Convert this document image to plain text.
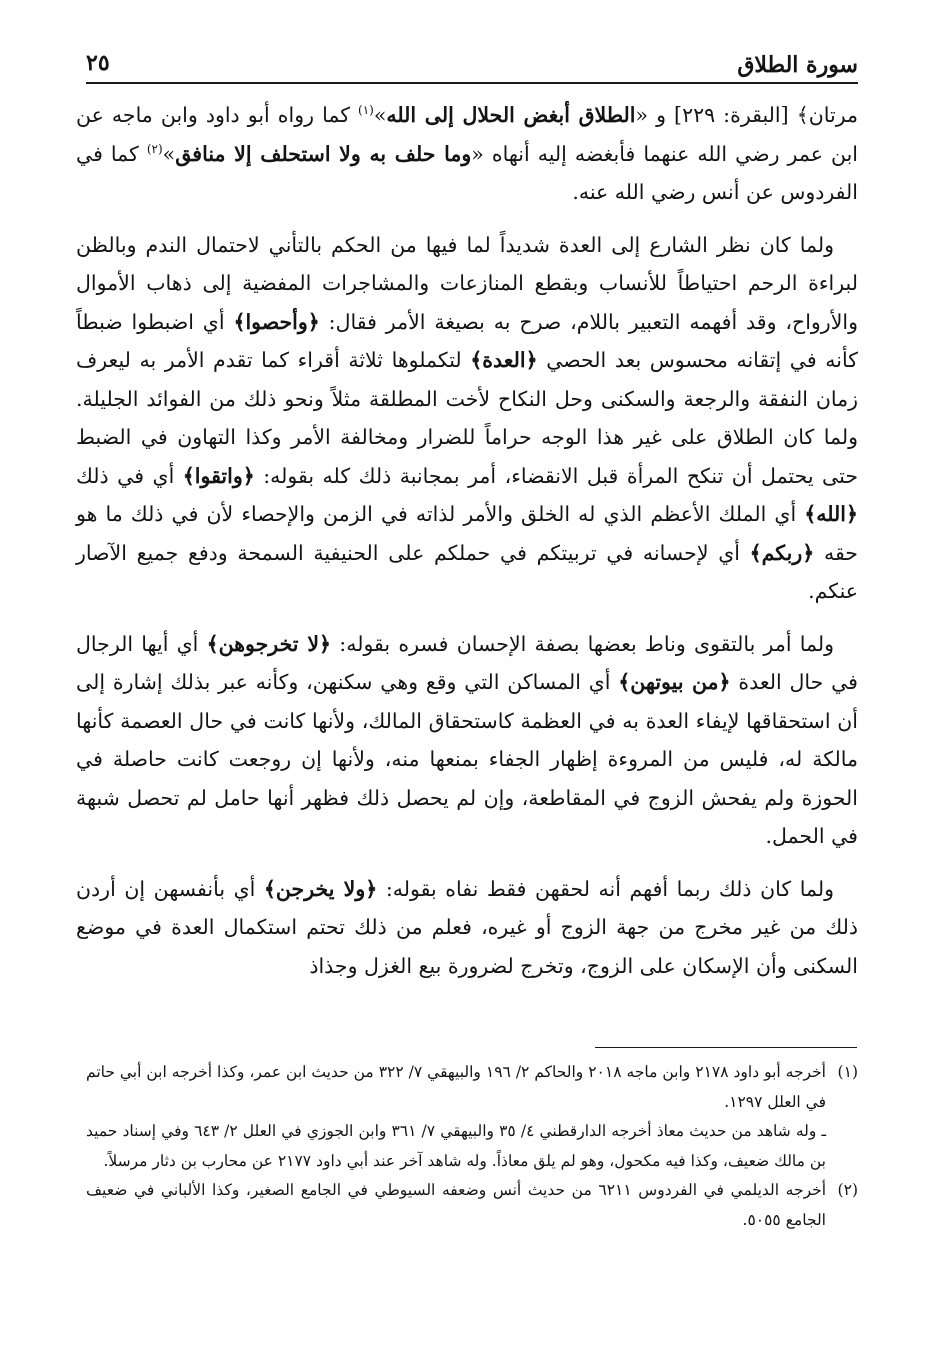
سورة الطلاق
٢٥

مرتان﴾ [البقرة: ٢٢٩] و «الطلاق أبغض الحلال إلى الله»$^{(١)}$ كما رواه أبو داود وابن ماجه عن ابن عمر رضي الله عنهما فأبغضه إليه أنهاه «وما حلف به ولا استحلف إلا منافق»$^{(٢)}$ كما في الفردوس عن أنس رضي الله عنه.

ولما كان نظر الشارع إلى العدة شديداً لما فيها من الحكم بالتأني لاحتمال الندم وبالظن لبراءة الرحم احتياطاً للأنساب وبقطع المنازعات والمشاجرات المفضية إلى ذهاب الأموال والأرواح، وقد أفهمه التعبير باللام، صرح به بصيغة الأمر فقال: ﴿وأحصوا﴾ أي اضبطوا ضبطاً كأنه في إتقانه محسوس بعد الحصي ﴿العدة﴾ لتكملوها ثلاثة أقراء كما تقدم الأمر به ليعرف زمان النفقة والرجعة والسكنى وحل النكاح لأخت المطلقة مثلاً ونحو ذلك من الفوائد الجليلة. ولما كان الطلاق على غير هذا الوجه حراماً للضرار ومخالفة الأمر وكذا التهاون في الضبط حتى يحتمل أن تنكح المرأة قبل الانقضاء، أمر بمجانبة ذلك كله بقوله: ﴿واتقوا﴾ أي في ذلك ﴿الله﴾ أي الملك الأعظم الذي له الخلق والأمر لذاته في الزمن والإحصاء لأن في ذلك ما هو حقه ﴿ربكم﴾ أي لإحسانه في تربيتكم في حملكم على الحنيفية السمحة ودفع جميع الآصار عنكم.

ولما أمر بالتقوى وناط بعضها بصفة الإحسان فسره بقوله: ﴿لا تخرجوهن﴾ أي أيها الرجال في حال العدة ﴿من بيوتهن﴾ أي المساكن التي وقع وهي سكنهن، وكأنه عبر بذلك إشارة إلى أن استحقاقها لإيفاء العدة به في العظمة كاستحقاق المالك، ولأنها كانت في حال العصمة كأنها مالكة له، فليس من المروءة إظهار الجفاء بمنعها منه، ولأنها إن روجعت كانت حاصلة في الحوزة ولم يفحش الزوج في المقاطعة، وإن لم يحصل ذلك فظهر أنها حامل لم تحصل شبهة في الحمل.

ولما كان ذلك ربما أفهم أنه لحقهن فقط نفاه بقوله: ﴿ولا يخرجن﴾ أي بأنفسهن إن أردن ذلك من غير مخرج من جهة الزوج أو غيره، فعلم من ذلك تحتم استكمال العدة في موضع السكنى وأن الإسكان على الزوج، وتخرج لضرورة بيع الغزل وجذاذ

(١)
أخرجه أبو داود ٢١٧٨ وابن ماجه ٢٠١٨ والحاكم ٢/ ١٩٦ والبيهقي ٧/ ٣٢٢ من حديث ابن عمر، وكذا أخرجه ابن أبي حاتم في العلل ١٢٩٧.
ـ وله شاهد من حديث معاذ أخرجه الدارقطني ٤/ ٣٥ والبيهقي ٧/ ٣٦١ وابن الجوزي في العلل ٢/ ٦٤٣ وفي إسناد حميد بن مالك ضعيف، وكذا فيه مكحول، وهو لم يلق معاذاً. وله شاهد آخر عند أبي داود ٢١٧٧ عن محارب بن دثار مرسلاً.
(٢)
أخرجه الديلمي في الفردوس ٦٢١١ من حديث أنس وضعفه السيوطي في الجامع الصغير، وكذا الألباني في ضعيف الجامع ٥٠٥٥.
